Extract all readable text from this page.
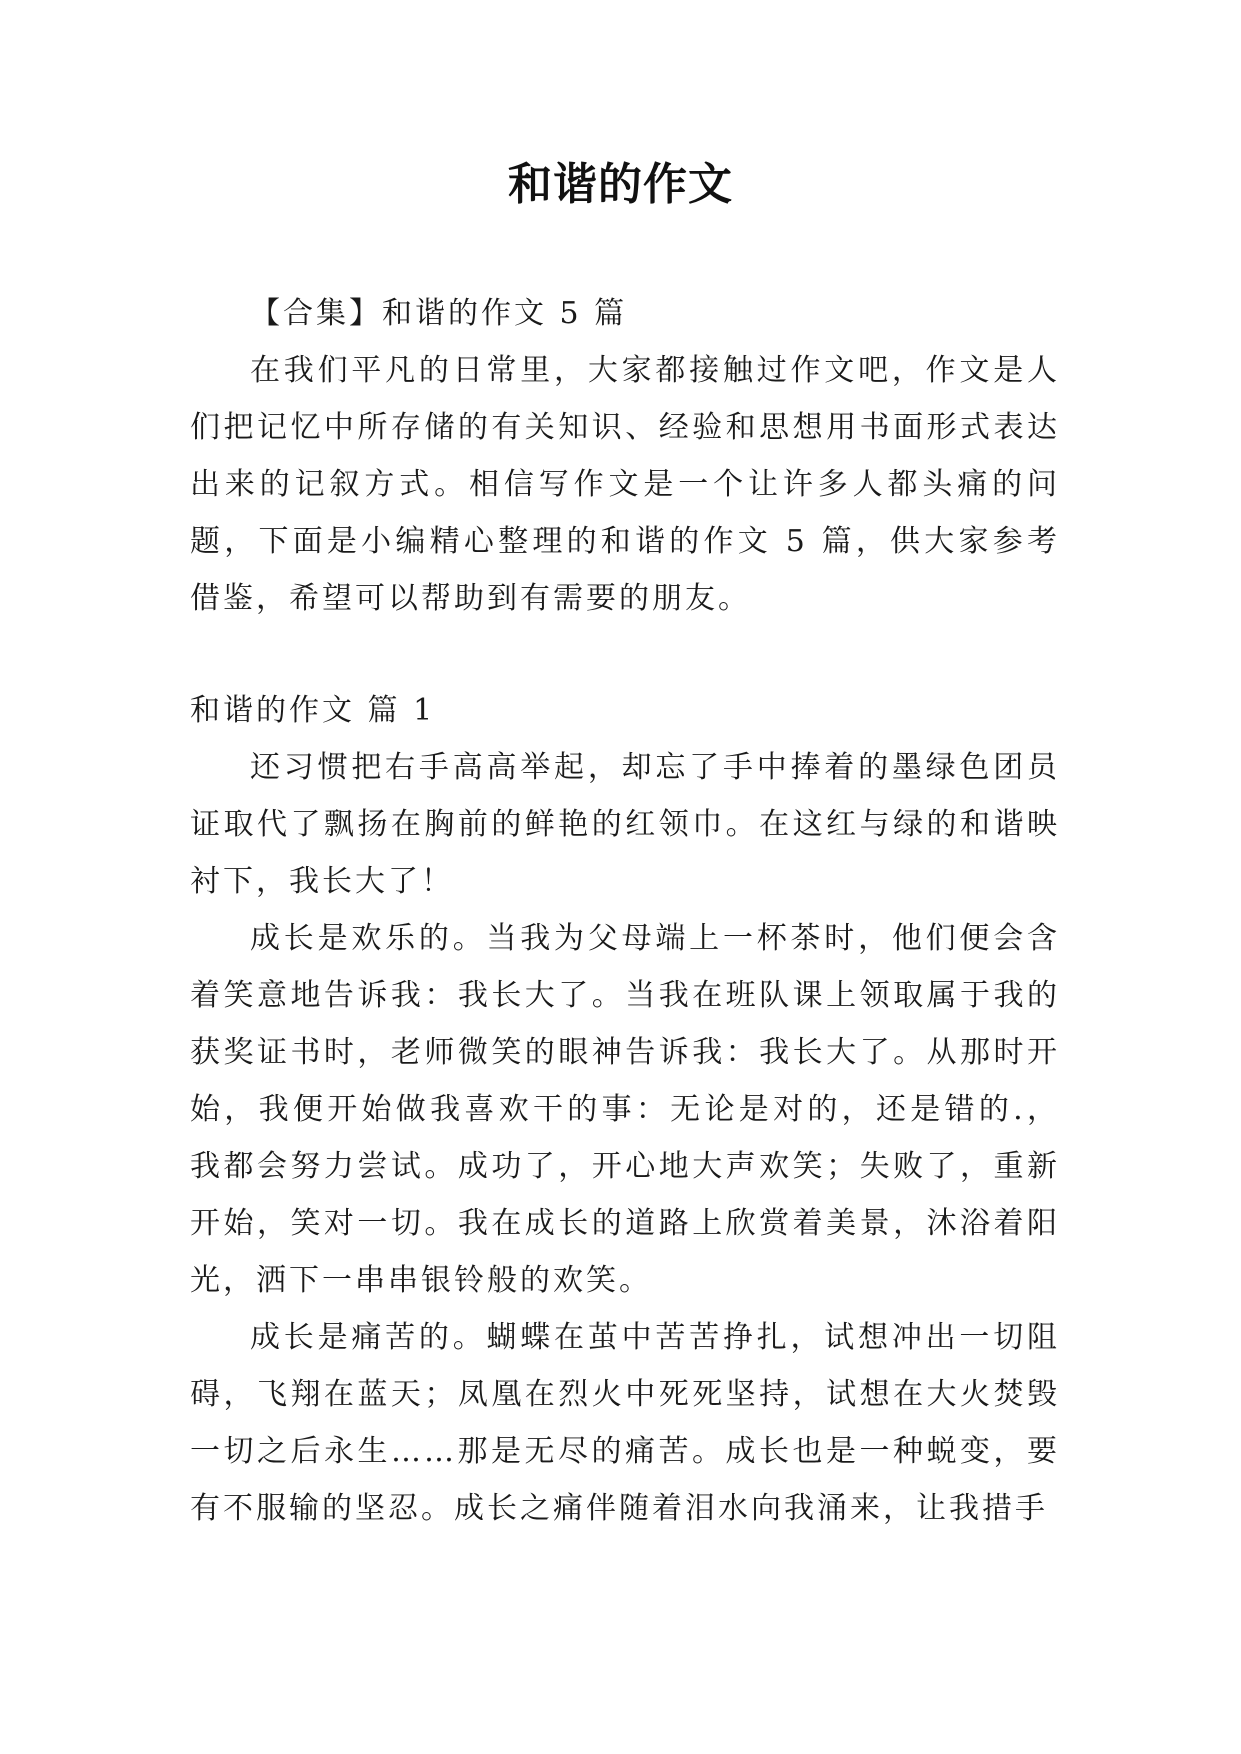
和谐的作文

【合集】和谐的作文 5 篇

在我们平凡的日常里，大家都接触过作文吧，作文是人们把记忆中所存储的有关知识、经验和思想用书面形式表达出来的记叙方式。相信写作文是一个让许多人都头痛的问题，下面是小编精心整理的和谐的作文 5 篇，供大家参考借鉴，希望可以帮助到有需要的朋友。

和谐的作文 篇 1

还习惯把右手高高举起，却忘了手中捧着的墨绿色团员证取代了飘扬在胸前的鲜艳的红领巾。在这红与绿的和谐映衬下，我长大了！

成长是欢乐的。当我为父母端上一杯茶时，他们便会含着笑意地告诉我：我长大了。当我在班队课上领取属于我的获奖证书时，老师微笑的眼神告诉我：我长大了。从那时开始，我便开始做我喜欢干的事：无论是对的，还是错的.，我都会努力尝试。成功了，开心地大声欢笑；失败了，重新开始，笑对一切。我在成长的道路上欣赏着美景，沐浴着阳光，洒下一串串银铃般的欢笑。

成长是痛苦的。蝴蝶在茧中苦苦挣扎，试想冲出一切阻碍，飞翔在蓝天；凤凰在烈火中死死坚持，试想在大火焚毁一切之后永生……那是无尽的痛苦。成长也是一种蜕变，要有不服输的坚忍。成长之痛伴随着泪水向我涌来，让我措手
